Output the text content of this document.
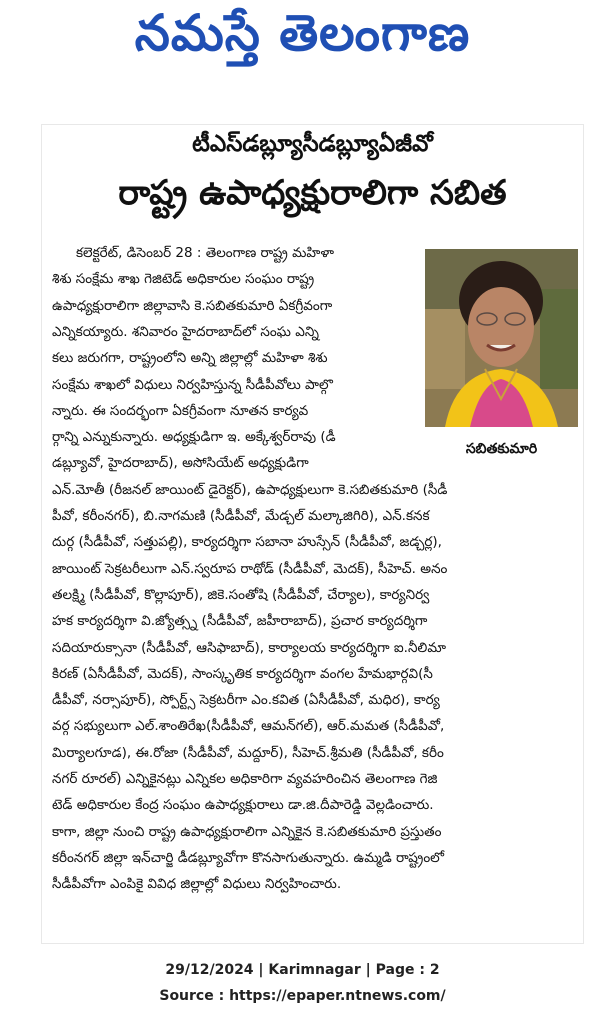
నమస్తే తెలంగాణ
టీఎస్‌డబ్ల్యూసీడబ్ల్యూఏజీవో
రాష్ట్ర ఉపాధ్యక్షురాలిగా సబిత
సబితకుమారి
కలెక్టరేట్‌, డిసెంబర్‌ 28 : తెలంగాణ రాష్ట్ర మహిళా
శిశు సంక్షేమ శాఖ గెజిటెడ్‌ అధికారుల సంఘం రాష్ట్ర
ఉపాధ్యక్షురాలిగా జిల్లావాసి కె.సబితకుమారి ఏకగ్రీవంగా
ఎన్నికయ్యారు. శనివారం హైదరాబాద్‌లో సంఘ ఎన్ని
కలు జరుగగా, రాష్ట్రంలోని అన్ని జిల్లాల్లో మహిళా శిశు
సంక్షేమ శాఖలో విధులు నిర్వహిస్తున్న సీడీపీవోలు పాల్గొ
న్నారు. ఈ సందర్భంగా ఏకగ్రీవంగా నూతన కార్యవ
ర్గాన్ని ఎన్నుకున్నారు. అధ్యక్షుడిగా ఇ. అక్కేశ్వర్‌రావు (డీ
డబ్ల్యూవో, హైదరాబాద్‌), అసోసియేట్‌ అధ్యక్షుడిగా
ఎన్‌.మోతీ (రీజనల్‌ జాయింట్‌ డైరెక్టర్‌), ఉపాధ్యక్షులుగా కె.సబితకుమారి (సీడీ
పీవో, కరీంనగర్‌), బి.నాగమణి (సీడీపీవో, మేడ్చల్‌ మల్కాజిగిరి), ఎన్‌.కనక
దుర్గ (సీడీపీవో, సత్తుపల్లి), కార్యదర్శిగా సబానా హుస్సేన్‌ (సీడీపీవో, జడ్చర్ల),
జాయింట్‌ సెక్రటరీలుగా ఎన్‌.స్వరూప రాథోడ్‌ (సీడీపీవో, మెదక్‌), సీహెచ్‌. అనం
తలక్ష్మి (సీడీపీవో, కొల్లాపూర్‌), జికె.సంతోషి (సీడీపీవో, చేర్యాల), కార్యనిర్వ
హక కార్యదర్శిగా వి.జ్యోత్స్న (సీడీపీవో, జహీరాబాద్‌), ప్రచార కార్యదర్శిగా
సదియారుక్సానా (సీడీపీవో, ఆసిఫాబాద్‌), కార్యాలయ కార్యదర్శిగా ఐ.నీలిమా
కిరణ్‌ (ఏసీడీపీవో, మెదక్‌), సాంస్కృతిక కార్యదర్శిగా వంగల హేమభార్గవి(సీ
డీపీవో, నర్సాపూర్‌), స్పోర్ట్స్‌ సెక్రటరీగా ఎం.కవిత (ఏసీడీపీవో, మధిర), కార్య
వర్గ సభ్యులుగా ఎల్‌.శాంతిరేఖ(సీడీపీవో, ఆమన్‌గల్‌), ఆర్‌.మమత (సీడీపీవో,
మిర్యాలగూడ), ఈ.రోజా (సీడీపీవో, మద్దూర్‌), సీహెచ్‌.శ్రీమతి (సీడీపీవో, కరీం
నగర్‌ రూరల్‌) ఎన్నికైనట్లు ఎన్నికల అధికారిగా వ్యవహరించిన తెలంగాణ గెజి
టెడ్‌ అధికారుల కేంద్ర సంఘం ఉపాధ్యక్షురాలు డా.జి.దీపారెడ్డి వెల్లడించారు.
కాగా, జిల్లా నుంచి రాష్ట్ర ఉపాధ్యక్షురాలిగా ఎన్నికైన కె.సబితకుమారి ప్రస్తుతం
కరీంనగర్‌ జిల్లా ఇన్‌చార్జి డీడబ్ల్యూవోగా కొనసాగుతున్నారు. ఉమ్మడి రాష్ట్రంలో
సీడీపీవోగా ఎంపికై వివిధ జిల్లాల్లో విధులు నిర్వహించారు.
29/12/2024 | Karimnagar | Page : 2
Source : https://epaper.ntnews.com/
